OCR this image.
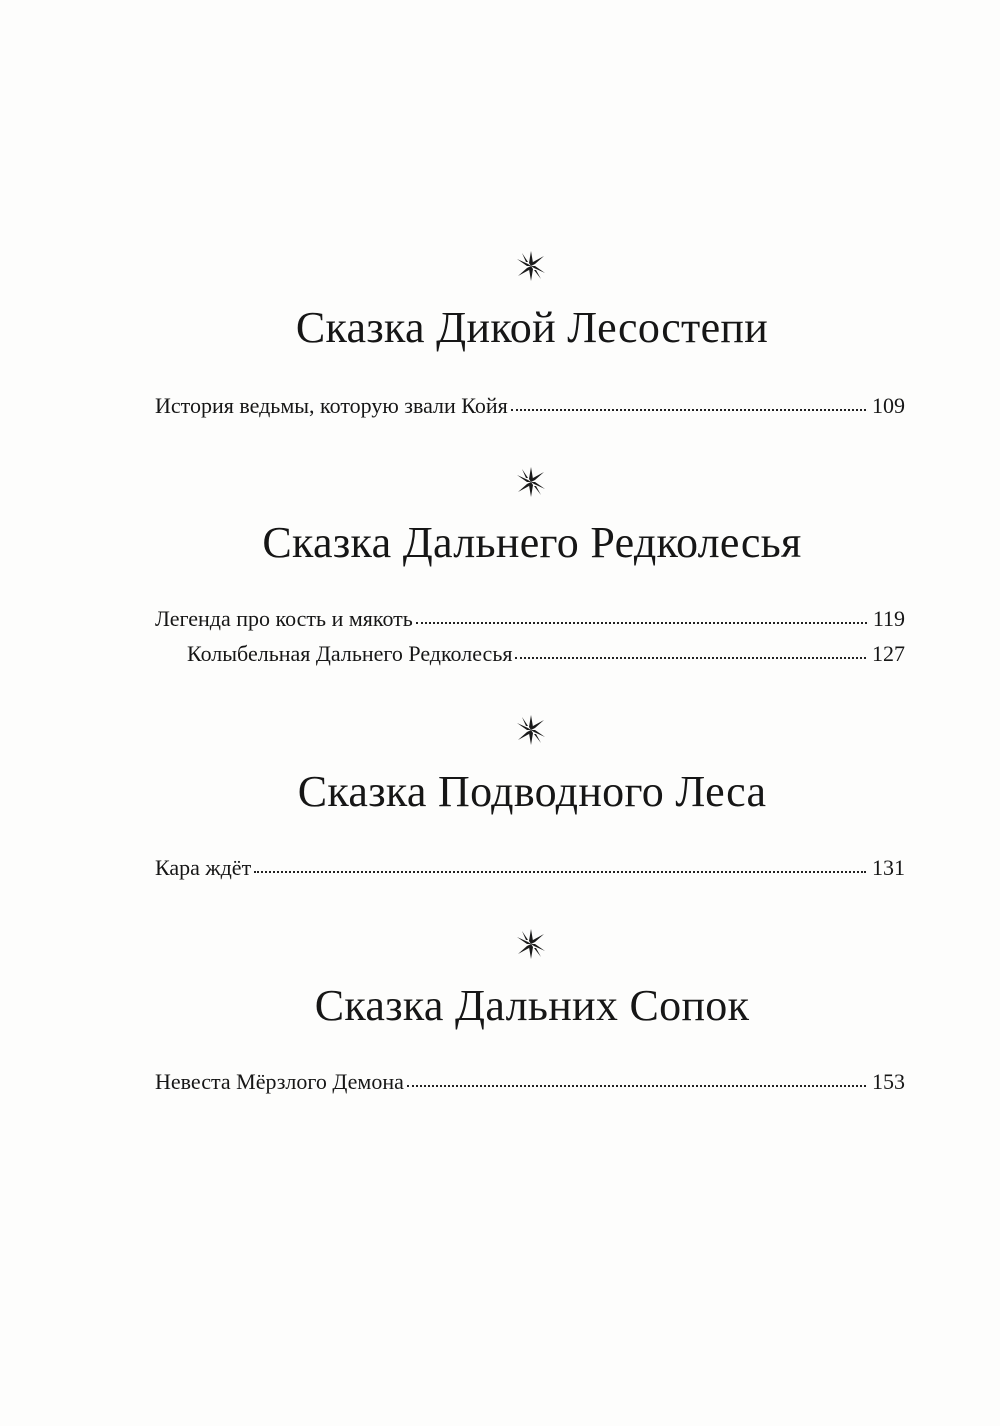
Сказка Дикой Лесостепи
История ведьмы, которую звали Койя	109
Сказка Дальнего Редколесья
Легенда про кость и мякоть	119
Колыбельная Дальнего Редколесья	127
Сказка Подводного Леса
Кара ждёт	131
Сказка Дальних Сопок
Невеста Мёрзлого Демона	153
